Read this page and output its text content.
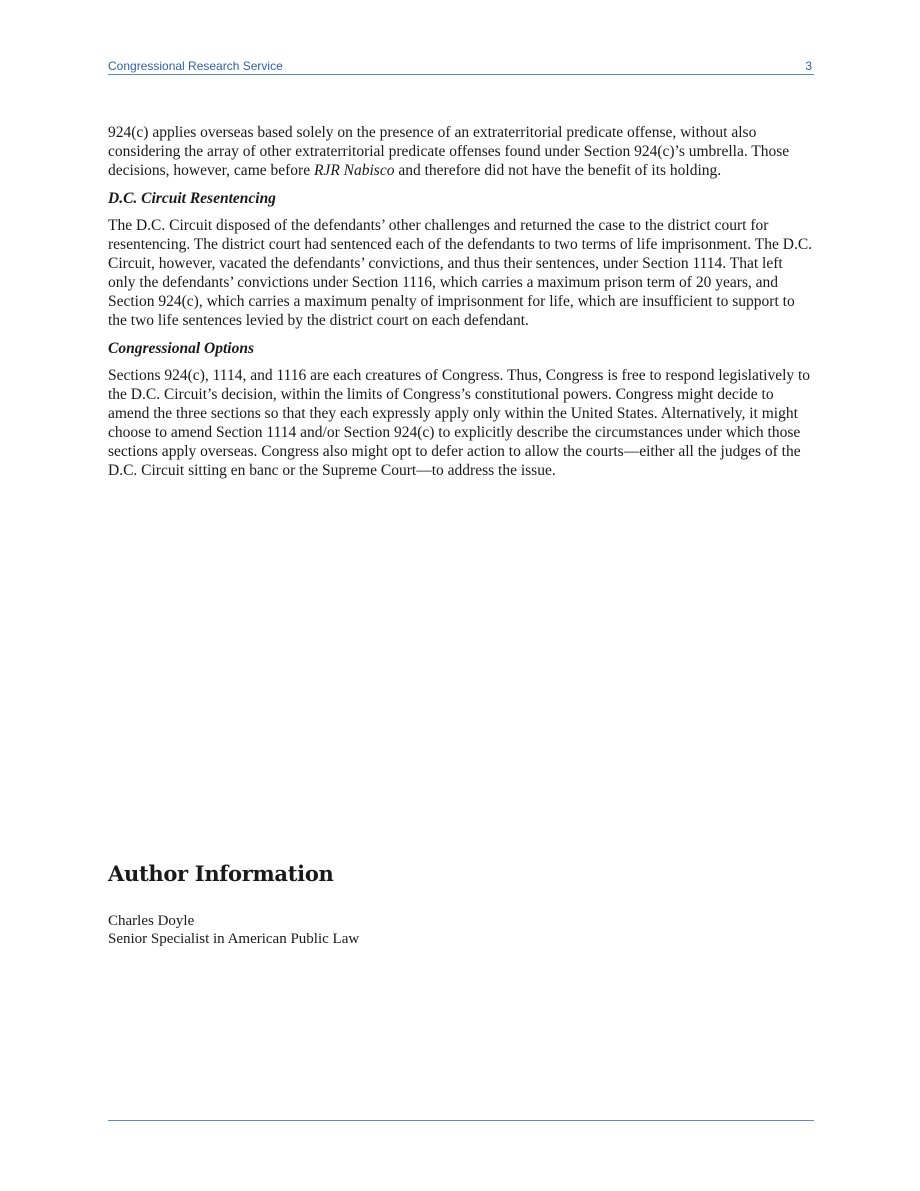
Congressional Research Service	3

924(c) applies overseas based solely on the presence of an extraterritorial predicate offense, without also considering the array of other extraterritorial predicate offenses found under Section 924(c)’s umbrella. Those decisions, however, came before RJR Nabisco and therefore did not have the benefit of its holding.

D.C. Circuit Resentencing

The D.C. Circuit disposed of the defendants’ other challenges and returned the case to the district court for resentencing. The district court had sentenced each of the defendants to two terms of life imprisonment. The D.C. Circuit, however, vacated the defendants’ convictions, and thus their sentences, under Section 1114. That left only the defendants’ convictions under Section 1116, which carries a maximum prison term of 20 years, and Section 924(c), which carries a maximum penalty of imprisonment for life, which are insufficient to support to the two life sentences levied by the district court on each defendant.

Congressional Options

Sections 924(c), 1114, and 1116 are each creatures of Congress. Thus, Congress is free to respond legislatively to the D.C. Circuit’s decision, within the limits of Congress’s constitutional powers. Congress might decide to amend the three sections so that they each expressly apply only within the United States. Alternatively, it might choose to amend Section 1114 and/or Section 924(c) to explicitly describe the circumstances under which those sections apply overseas. Congress also might opt to defer action to allow the courts—either all the judges of the D.C. Circuit sitting en banc or the Supreme Court—to address the issue.

Author Information
Charles Doyle
Senior Specialist in American Public Law
